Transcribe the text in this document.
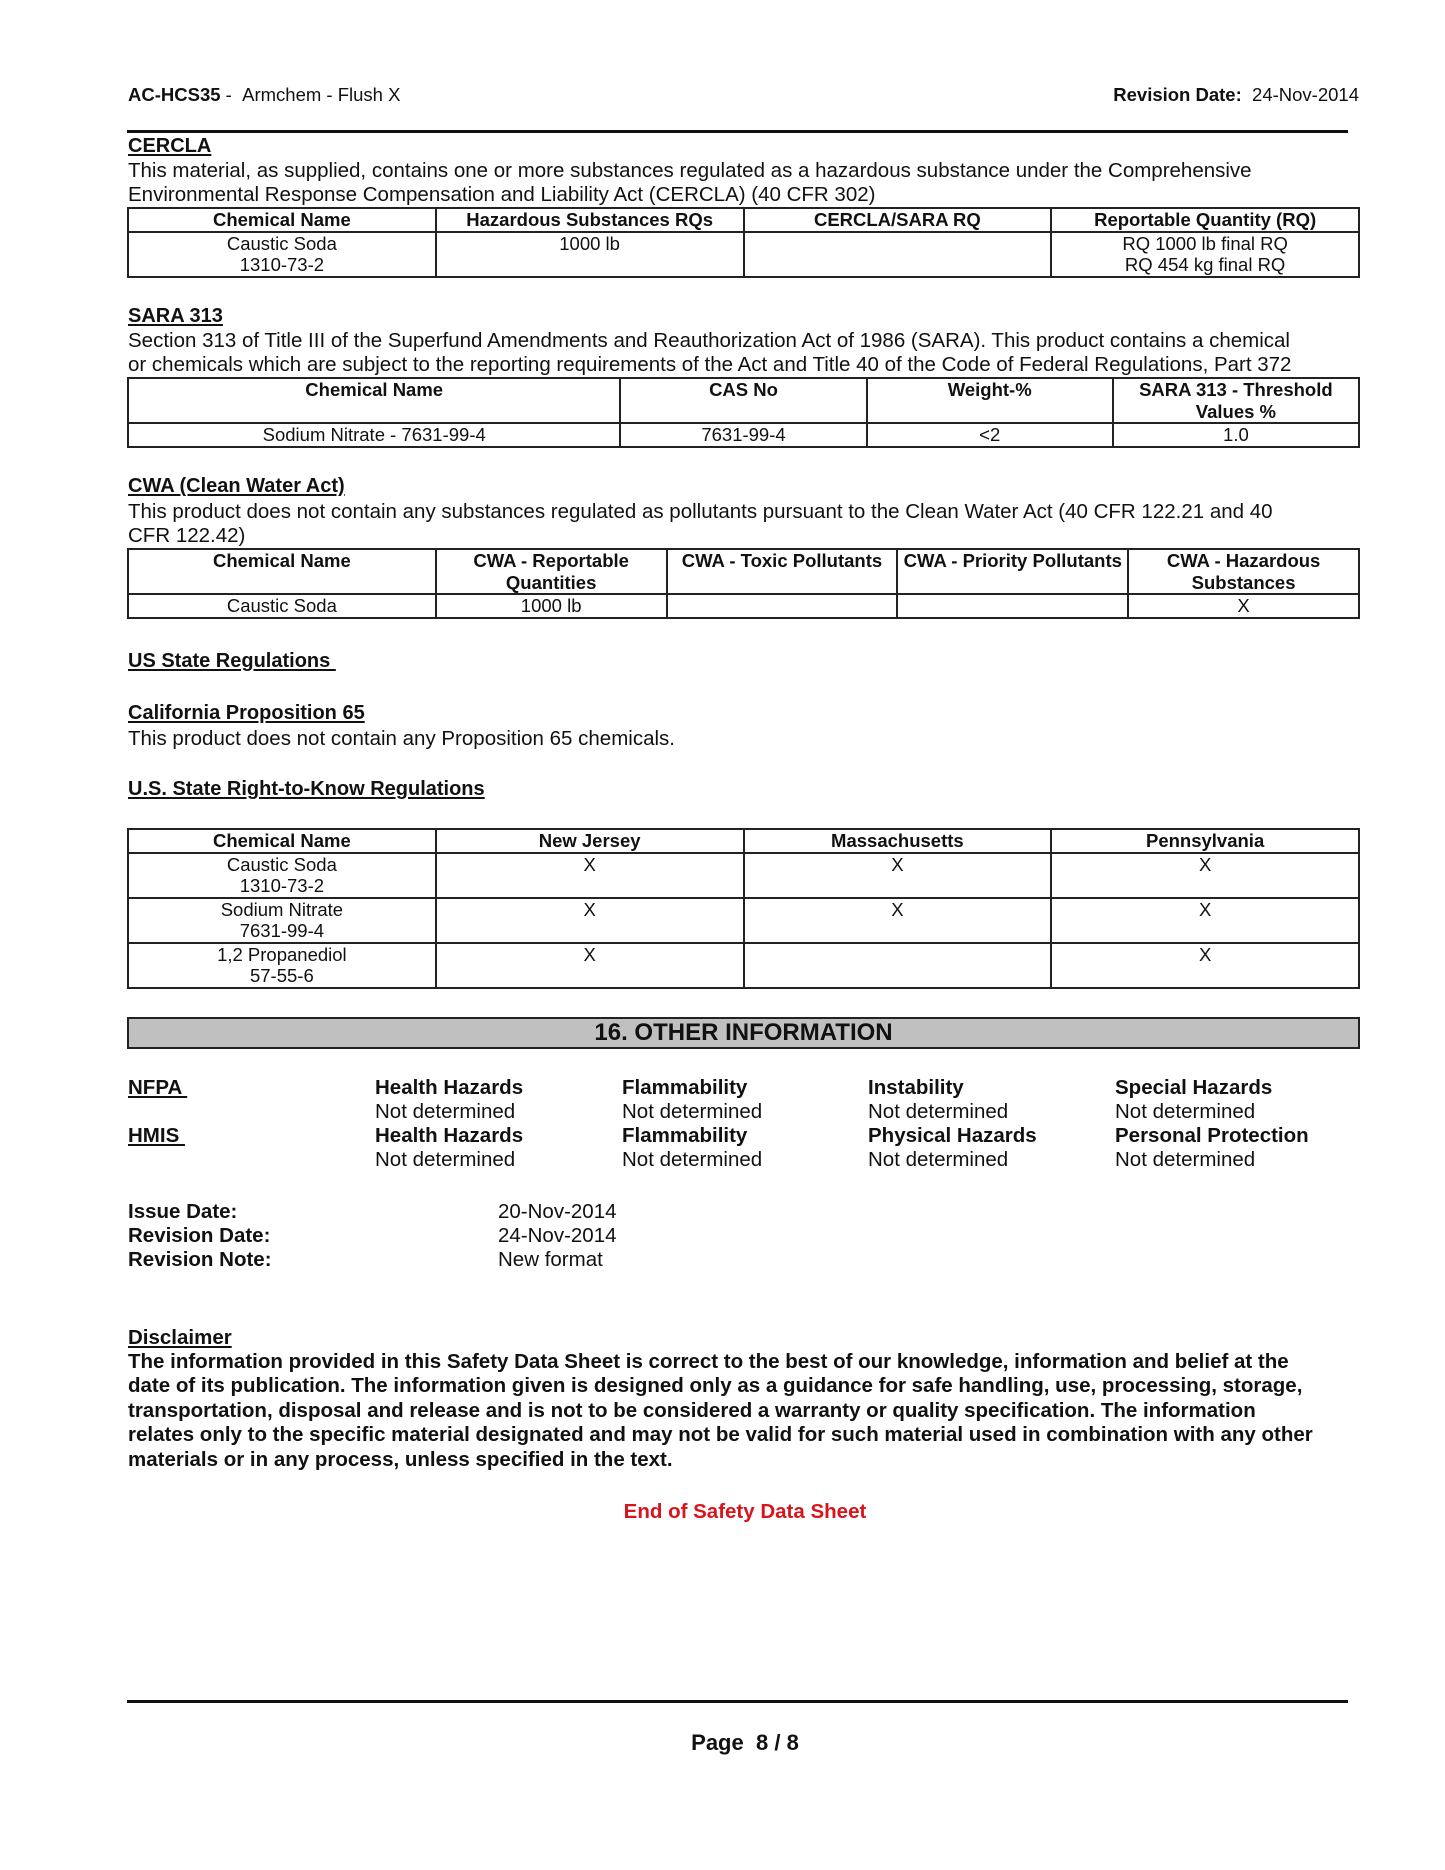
AC-HCS35 -  Armchem - Flush X	Revision Date: 24-Nov-2014
CERCLA
This material, as supplied, contains one or more substances regulated as a hazardous substance under the Comprehensive
Environmental Response Compensation and Liability Act (CERCLA) (40 CFR 302)
Chemical Name	Hazardous Substances RQs	CERCLA/SARA RQ	Reportable Quantity (RQ)

Caustic Soda
1310-73-2
	1000 lb		RQ 1000 lb final RQ
RQ 454 kg final RQ
SARA 313
Section 313 of Title III of the Superfund Amendments and Reauthorization Act of 1986 (SARA). This product contains a chemical
or chemicals which are subject to the reporting requirements of the Act and Title 40 of the Code of Federal Regulations, Part 372
Chemical Name	CAS No	Weight-%	SARA 313 - Threshold Values %
Sodium Nitrate - 7631-99-4	7631-99-4	<2	1.0
CWA (Clean Water Act)
This product does not contain any substances regulated as pollutants pursuant to the Clean Water Act (40 CFR 122.21 and 40
CFR 122.42)
Chemical Name	CWA - Reportable Quantities	CWA - Toxic Pollutants	CWA - Priority Pollutants	CWA - Hazardous Substances
Caustic Soda	1000 lb			X
US State Regulations
California Proposition 65
This product does not contain any Proposition 65 chemicals.
U.S. State Right-to-Know Regulations
Chemical Name	New Jersey	Massachusetts	Pennsylvania

Caustic Soda
1310-73-2	X	X	X

Sodium Nitrate
7631-99-4	X	X	X

1,2 Propanediol
57-55-6	X		X
16. OTHER INFORMATION
NFPA	Health Hazards	Flammability	Instability	Special Hazards
Not determined	Not determined	Not determined	Not determined
HMIS	Health Hazards	Flammability	Physical Hazards	Personal Protection
Not determined	Not determined	Not determined	Not determined
Issue Date:	20-Nov-2014
Revision Date:	24-Nov-2014
Revision Note:	New format
Disclaimer
The information provided in this Safety Data Sheet is correct to the best of our knowledge, information and belief at the
date of its publication. The information given is designed only as a guidance for safe handling, use, processing, storage,
transportation, disposal and release and is not to be considered a warranty or quality specification. The information
relates only to the specific material designated and may not be valid for such material used in combination with any other
materials or in any process, unless specified in the text.
End of Safety Data Sheet
Page 8 / 8
